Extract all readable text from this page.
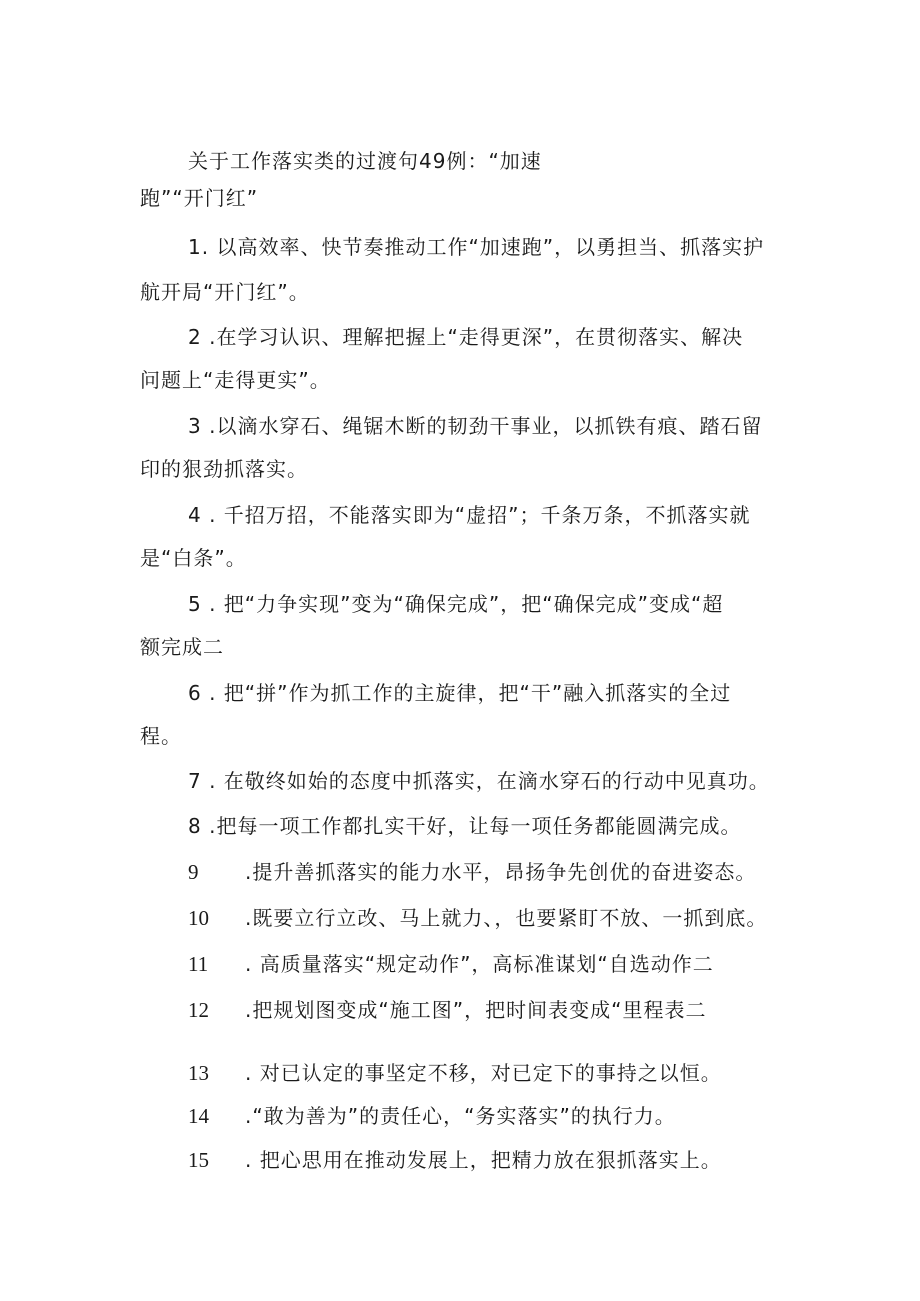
关于工作落实类的过渡句49例：“加速
跑”“开门红”
1. 以高效率、快节奏推动工作“加速跑”，以勇担当、抓落实护
航开局“开门红”。
2 .在学习认识、理解把握上“走得更深”，在贯彻落实、解决
问题上“走得更实”。
3 .以滴水穿石、绳锯木断的韧劲干事业，以抓铁有痕、踏石留
印的狠劲抓落实。
4 . 千招万招，不能落实即为“虚招”；千条万条，不抓落实就
是“白条”。
5 . 把“力争实现”变为“确保完成”，把“确保完成”变成“超
额完成二
6 . 把“拼”作为抓工作的主旋律，把“干”融入抓落实的全过
程。
7 . 在敬终如始的态度中抓落实，在滴水穿石的行动中见真功。
8 .把每一项工作都扎实干好，让每一项任务都能圆满完成。
9 .提升善抓落实的能力水平，昂扬争先创优的奋进姿态。
10 .既要立行立改、马上就力、，也要紧盯不放、一抓到底。
11 . 高质量落实“规定动作”，高标准谋划“自选动作二
12 .把规划图变成“施工图”，把时间表变成“里程表二
13 . 对已认定的事坚定不移，对已定下的事持之以恒。
14 .“敢为善为”的责任心，“务实落实”的执行力。
15 . 把心思用在推动发展上，把精力放在狠抓落实上。
